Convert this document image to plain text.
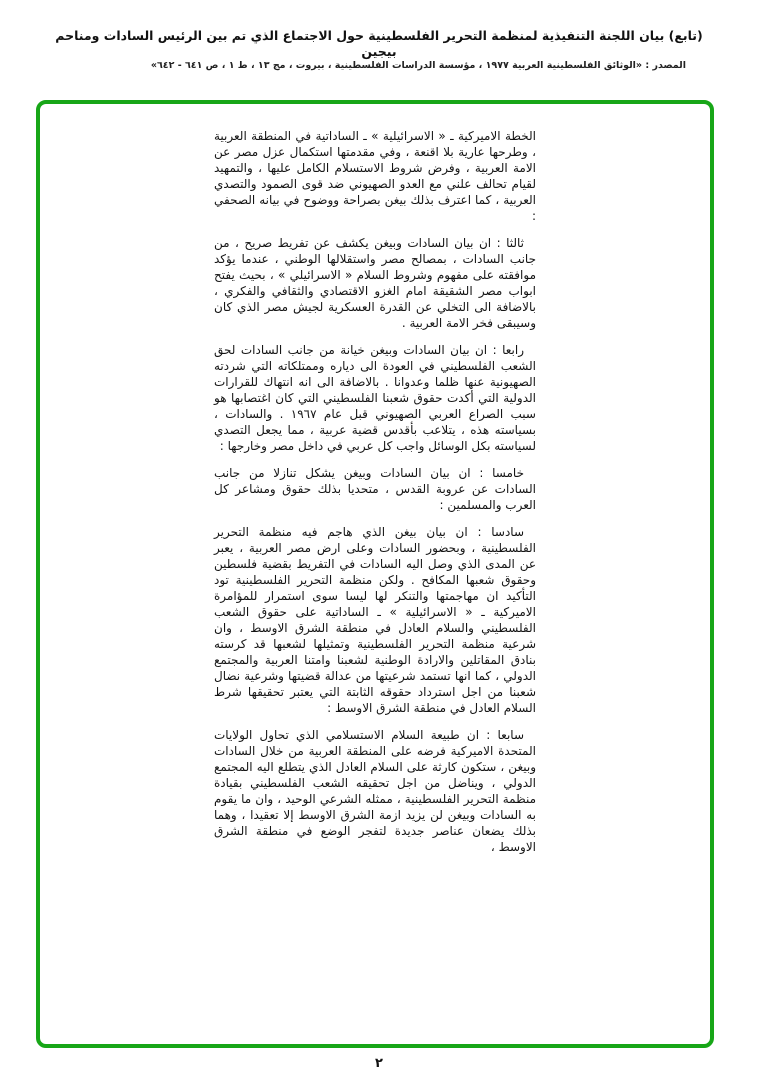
(تابع) بيان اللجنة التنفيذية لمنظمة التحرير الفلسطينية حول الاجتماع الذي تم بين الرئيس السادات ومناحم بيجين
المصدر : «الوثائق الفلسطينية العربية ١٩٧٧ ، مؤسسة الدراسات الفلسطينية ، بيروت ، مج ١٣ ، ط ١ ، ص ٦٤١ - ٦٤٢»

الخطة الاميركية ـ « الاسرائيلية » ـ الساداتية في المنطقة العربية ، وطرحها عارية بلا اقنعة ، وفي مقدمتها استكمال عزل مصر عن الامة العربية ، وفرض شروط الاستسلام الكامل عليها ، والتمهيد لقيام تحالف علني مع العدو الصهيوني ضد قوى الصمود والتصدي العربية ، كما اعترف بذلك بيغن بصراحة ووضوح في بيانه الصحفي :

ثالثا : ان بيان السادات وبيغن يكشف عن تفريط صريح ، من جانب السادات ، بمصالح مصر واستقلالها الوطني ، عندما يؤكد موافقته على مفهوم وشروط السلام « الاسرائيلي » ، بحيث يفتح ابواب مصر الشقيقة امام الغزو الاقتصادي والثقافي والفكري ، بالاضافة الى التخلي عن القدرة العسكرية لجيش مصر الذي كان وسيبقى فخر الامة العربية .

رابعا : ان بيان السادات وبيغن خيانة من جانب السادات لحق الشعب الفلسطيني في العودة الى دياره وممتلكاته التي شردته الصهيونية عنها ظلما وعدوانا . بالاضافة الى انه انتهاك للقرارات الدولية التي أكدت حقوق شعبنا الفلسطيني التي كان اغتصابها هو سبب الصراع العربي الصهيوني قبل عام ١٩٦٧ . والسادات ، بسياسته هذه ، يتلاعب بأقدس قضية عربية ، مما يجعل التصدي لسياسته بكل الوسائل واجب كل عربي في داخل مصر وخارجها :

خامسا : ان بيان السادات وبيغن يشكل تنازلا من جانب السادات عن عروبة القدس ، متحديا بذلك حقوق ومشاعر كل العرب والمسلمين :

سادسا : ان بيان بيغن الذي هاجم فيه منظمة التحرير الفلسطينية ، وبحضور السادات وعلى ارض مصر العربية ، يعبر عن المدى الذي وصل اليه السادات في التفريط بقضية فلسطين وحقوق شعبها المكافح . ولكن منظمة التحرير الفلسطينية تود التأكيد ان مهاجمتها والتنكر لها ليسا سوى استمرار للمؤامرة الاميركية ـ « الاسرائيلية » ـ الساداتية على حقوق الشعب الفلسطيني والسلام العادل في منطقة الشرق الاوسط ، وان شرعية منظمة التحرير الفلسطينية وتمثيلها لشعبها قد كرسته بنادق المقاتلين والارادة الوطنية لشعبنا وامتنا العربية والمجتمع الدولي ، كما انها تستمد شرعيتها من عدالة قضيتها وشرعية نضال شعبنا من اجل استرداد حقوقه الثابتة التي يعتبر تحقيقها شرط السلام العادل في منطقة الشرق الاوسط :

سابعا : ان طبيعة السلام الاستسلامي الذي تحاول الولايات المتحدة الاميركية فرضه على المنطقة العربية من خلال السادات وبيغن ، ستكون كارثة على السلام العادل الذي يتطلع اليه المجتمع الدولي ، ويناضل من اجل تحقيقه الشعب الفلسطيني بقيادة منظمة التحرير الفلسطينية ، ممثله الشرعي الوحيد ، وان ما يقوم به السادات وبيغن لن يزيد ازمة الشرق الاوسط إلا تعقيدا ، وهما بذلك يضعان عناصر جديدة لتفجر الوضع في منطقة الشرق الاوسط ،

٢
